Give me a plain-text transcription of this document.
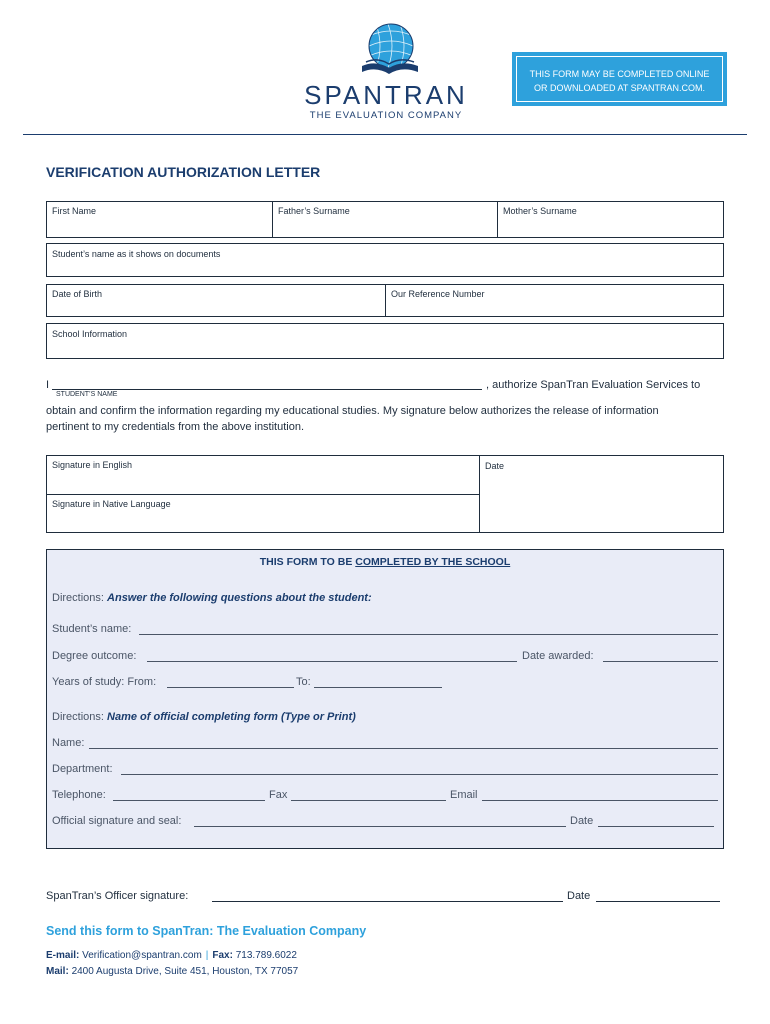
SPANTRAN
THE EVALUATION COMPANY
THIS FORM MAY BE COMPLETED ONLINE
OR DOWNLOADED AT SPANTRAN.COM.
VERIFICATION AUTHORIZATION LETTER
First Name	Father’s Surname	Mother’s Surname
Student’s name as it shows on documents
Date of Birth	Our Reference Number
School Information
I	, authorize SpanTran Evaluation Services to
STUDENT’S NAME
obtain and confirm the information regarding my educational studies. My signature below authorizes the release of information
pertinent to my credentials from the above institution.
Signature in English	Date
Signature in Native Language
THIS FORM TO BE COMPLETED BY THE SCHOOL
Directions: Answer the following questions about the student:
Student’s name:
Degree outcome:	Date awarded:
Years of study: From:	To:
Directions: Name of official completing form (Type or Print)
Name:
Department:
Telephone:	Fax	Email
Official signature and seal:	Date
SpanTran’s Officer signature:	Date
Send this form to SpanTran: The Evaluation Company
E-mail: Verification@spantran.com | Fax: 713.789.6022
Mail: 2400 Augusta Drive, Suite 451, Houston, TX 77057
